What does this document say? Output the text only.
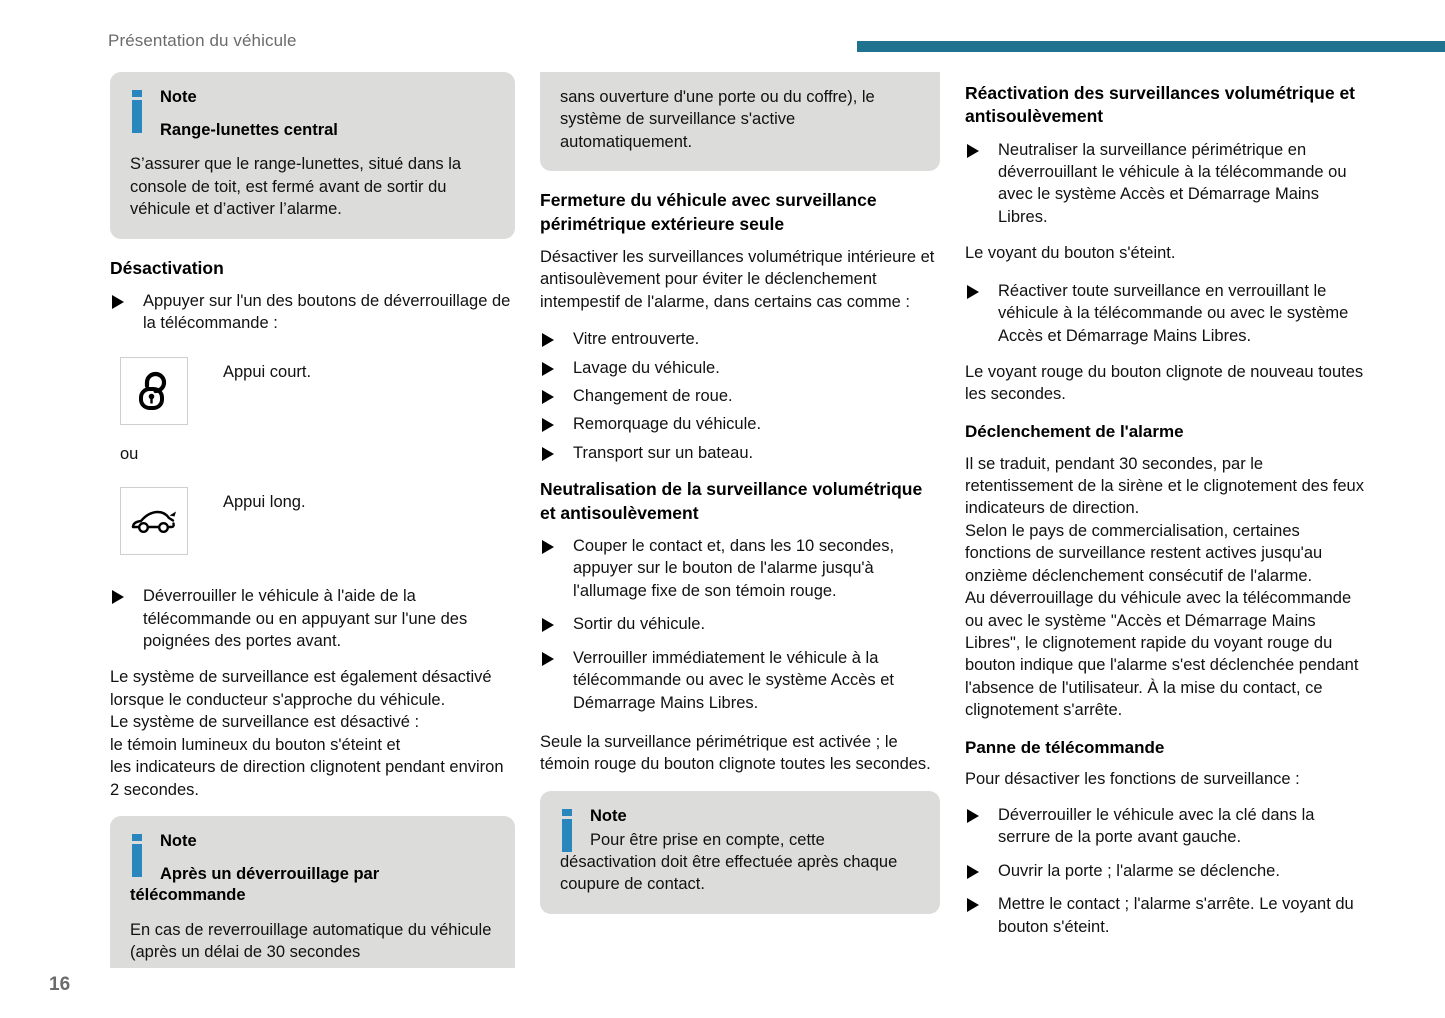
Présentation du véhicule
Note
Range-lunettes central

S’assurer que le range-lunettes, situé dans la console de toit, est fermé avant de sortir du véhicule et d’activer l’alarme.

Désactivation
Appuyer sur l'un des boutons de déverrouillage de la télécommande :
Appui court.
ou
Appui long.
Déverrouiller le véhicule à l'aide de la télécommande ou en appuyant sur l'une des poignées des portes avant.

Le système de surveillance est également désactivé lorsque le conducteur s'approche du véhicule.

Le système de surveillance est désactivé :

le témoin lumineux du bouton s'éteint et

les indicateurs de direction clignotent pendant environ 2 secondes.

Note
Après un déverrouillage par
télécommande

En cas de reverrouillage automatique du véhicule (après un délai de 30 secondes

sans ouverture d'une porte ou du coffre), le système de surveillance s'active automatiquement.

Fermeture du véhicule avec surveillance périmétrique extérieure seule

Désactiver les surveillances volumétrique intérieure et antisoulèvement pour éviter le déclenchement intempestif de l'alarme, dans certains cas comme :

Vitre entrouverte.
Lavage du véhicule.
Changement de roue.
Remorquage du véhicule.
Transport sur un bateau.
Neutralisation de la surveillance volumétrique et antisoulèvement
Couper le contact et, dans les 10 secondes, appuyer sur le bouton de l'alarme jusqu'à l'allumage fixe de son témoin rouge.
Sortir du véhicule.
Verrouiller immédiatement le véhicule à la télécommande ou avec le système Accès et Démarrage Mains Libres.

Seule la surveillance périmétrique est activée ; le témoin rouge du bouton clignote toutes les secondes.

Note

Pour être prise en compte, cette désactivation doit être effectuée après chaque coupure de contact.

Réactivation des surveillances volumétrique et antisoulèvement
Neutraliser la surveillance périmétrique en déverrouillant le véhicule à la télécommande ou avec le système Accès et Démarrage Mains Libres.

Le voyant du bouton s'éteint.

Réactiver toute surveillance en verrouillant le véhicule à la télécommande ou avec le système Accès et Démarrage Mains Libres.

Le voyant rouge du bouton clignote de nouveau toutes les secondes.

Déclenchement de l'alarme

Il se traduit, pendant 30 secondes, par le retentissement de la sirène et le clignotement des feux indicateurs de direction.

Selon le pays de commercialisation, certaines fonctions de surveillance restent actives jusqu'au onzième déclenchement consécutif de l'alarme.

Au déverrouillage du véhicule avec la télécommande ou avec le système "Accès et Démarrage Mains Libres", le clignotement rapide du voyant rouge du bouton indique que l'alarme s'est déclenchée pendant l'absence de l'utilisateur. À la mise du contact, ce clignotement s'arrête.

Panne de télécommande

Pour désactiver les fonctions de surveillance :

Déverrouiller le véhicule avec la clé dans la serrure de la porte avant gauche.
Ouvrir la porte ; l'alarme se déclenche.
Mettre le contact ; l'alarme s'arrête. Le voyant du bouton s'éteint.
16
